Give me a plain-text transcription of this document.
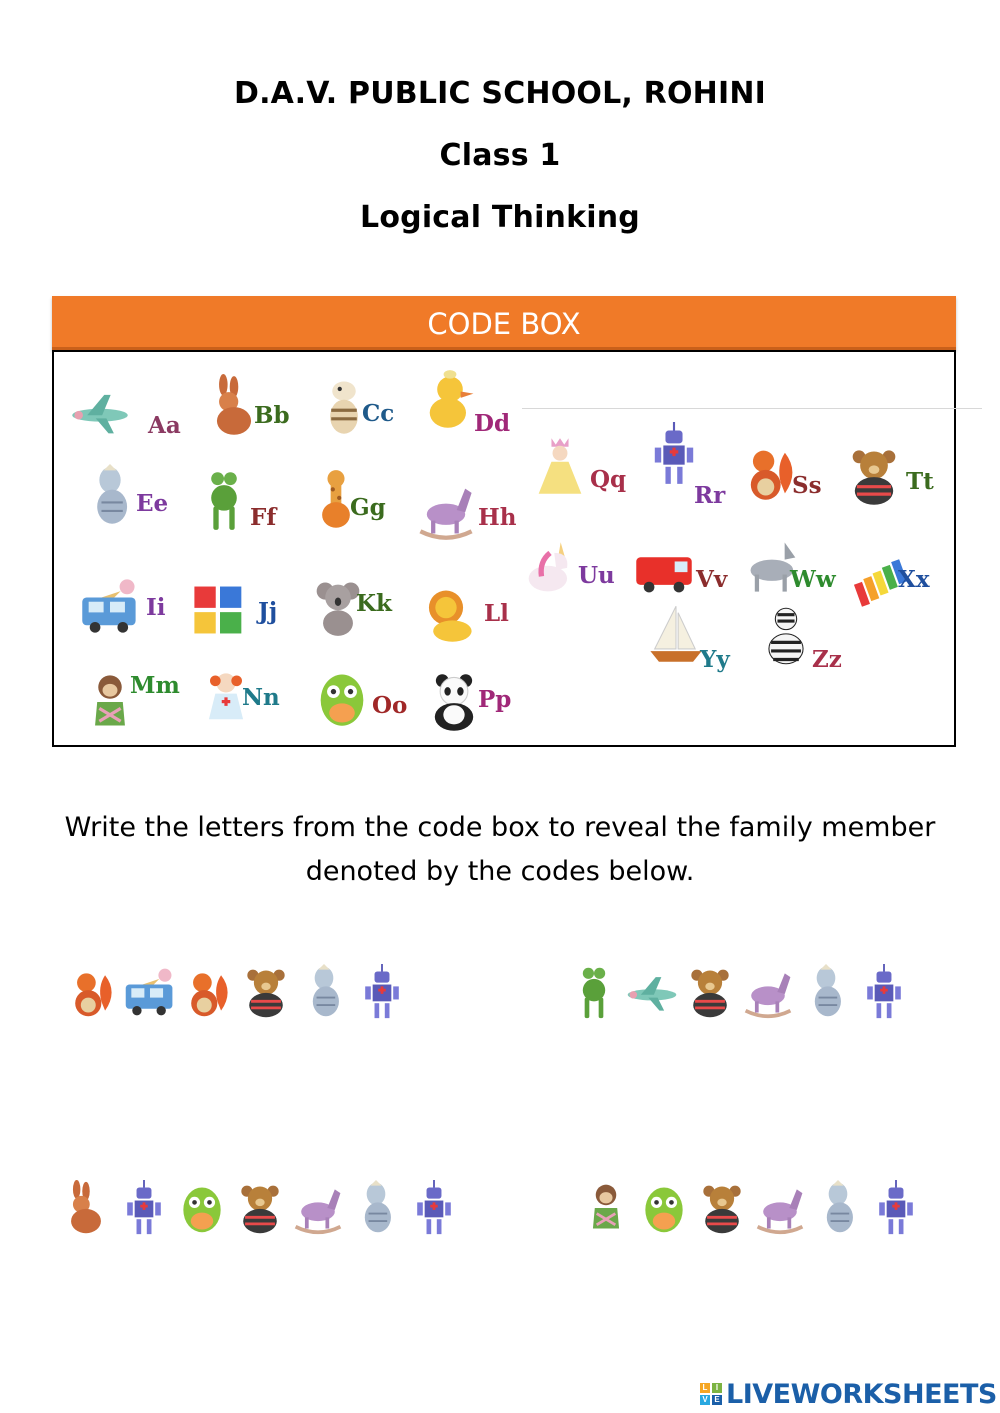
D.A.V. PUBLIC SCHOOL, ROHINI
Class 1
Logical Thinking
CODE BOX
Aa	Bb	Cc	Dd
Ee
Ff	Gg	Hh
Ii	Jj	Kk	Ll
Mm	Nn	Oo	Pp
Qq
Rr	Ss	Tt
Uu	Vv	Ww	Xx
Yy	Zz
Write the letters from the code box to reveal the family member denoted by the codes below.
L	I
V E LIVEWORKSHEETS
